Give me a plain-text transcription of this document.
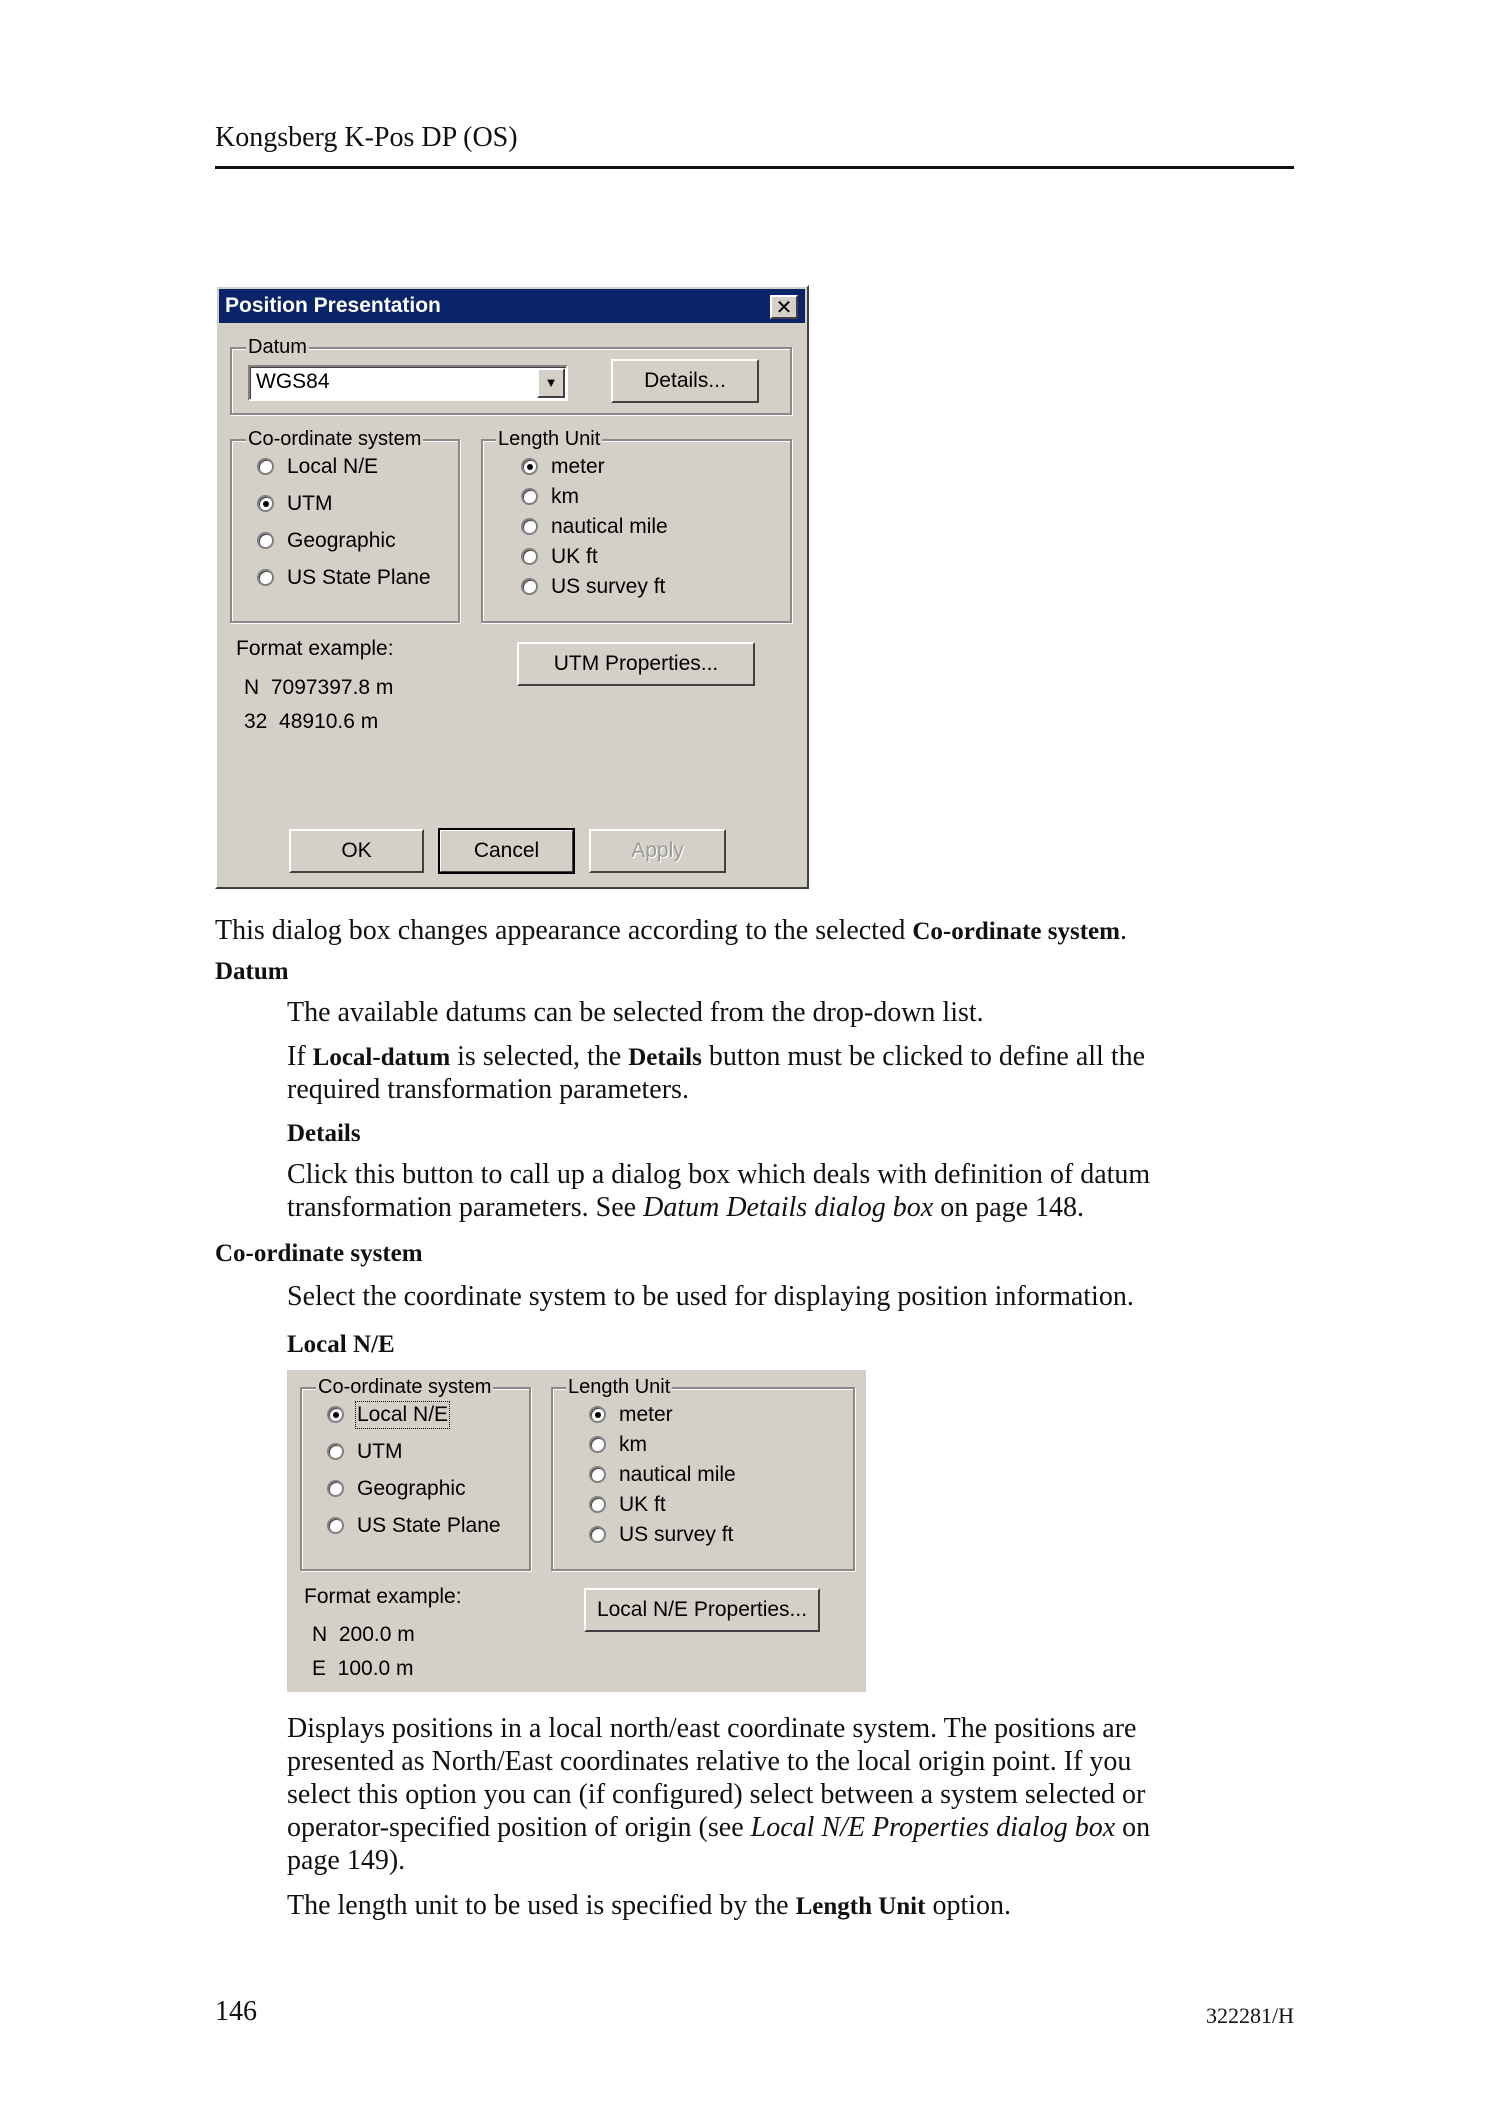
Kongsberg K-Pos DP (OS)
Position Presentation	✕
Datum
WGS84	▼	Details...
Co-ordinate system
Local N/E
UTM
Geographic
US State Plane
Length Unit
meter
km
nautical mile
UK ft
US survey ft
Format example:
N  7097397.8 m
32  48910.6 m
UTM Properties...
OK	Cancel	Apply
This dialog box changes appearance according to the selected Co-ordinate system.
Datum
The available datums can be selected from the drop-down list.
If Local-datum is selected, the Details button must be clicked to define all the
required transformation parameters.
Details
Click this button to call up a dialog box which deals with definition of datum
transformation parameters. See Datum Details dialog box on page 148.
Co-ordinate system
Select the coordinate system to be used for displaying position information.
Local N/E
Co-ordinate system
Local N/E
UTM
Geographic
US State Plane
Length Unit
meter
km
nautical mile
UK ft
US survey ft
Format example:
N  200.0 m
E  100.0 m
Local N/E Properties...
Displays positions in a local north/east coordinate system. The positions are
presented as North/East coordinates relative to the local origin point. If you
select this option you can (if configured) select between a system selected or
operator-specified position of origin (see Local N/E Properties dialog box on
page 149).
The length unit to be used is specified by the Length Unit option.
146	322281/H
